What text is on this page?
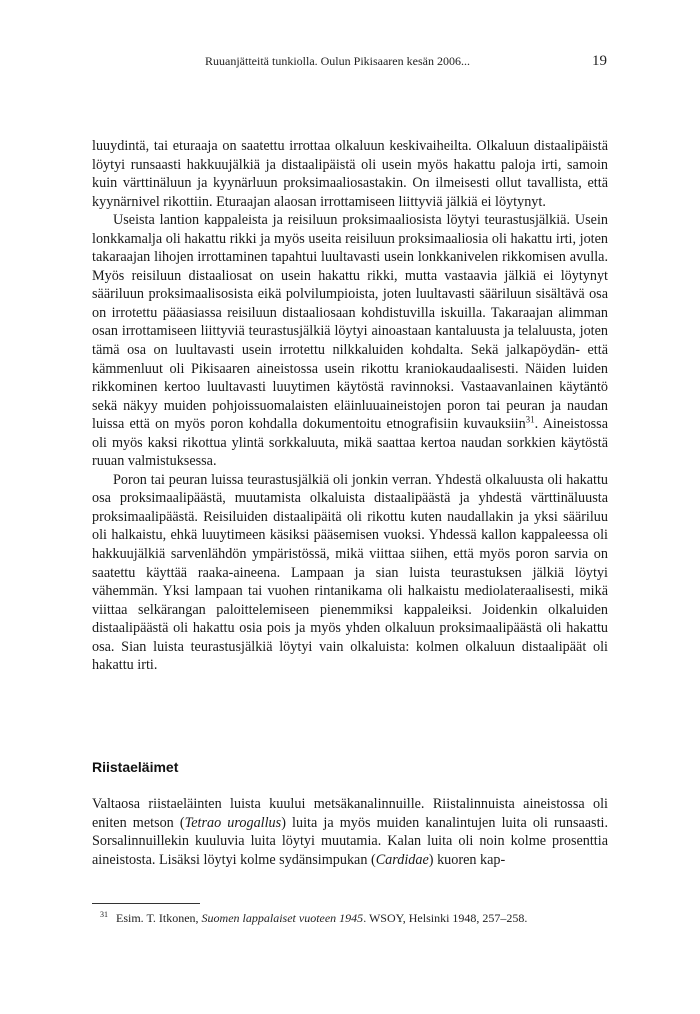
Ruuanjätteitä tunkiolla. Oulun Pikisaaren kesän 2006...	19

luuydintä, tai eturaaja on saatettu irrottaa olkaluun keskivaiheilta. Olkaluun distaalipäistä löytyi runsaasti hakkuujälkiä ja distaalipäistä oli usein myös hakattu paloja irti, samoin kuin värttinäluun ja kyynärluun proksimaaliosastakin. On ilmeisesti ollut tavallista, että kyynärnivel rikottiin. Eturaajan alaosan irrottamiseen liittyviä jälkiä ei löytynyt.

Useista lantion kappaleista ja reisiluun proksimaaliosista löytyi teurastusjälkiä. Usein lonkkamalja oli hakattu rikki ja myös useita reisiluun proksimaaliosia oli hakattu irti, joten takaraajan lihojen irrottaminen tapahtui luultavasti usein lonkkanivelen rikkomisen avulla. Myös reisiluun distaaliosat on usein hakattu rikki, mutta vastaavia jälkiä ei löytynyt sääriluun proksimaalisosista eikä polvilumpioista, joten luultavasti sääriluun sisältävä osa on irrotettu pääasiassa reisiluun distaaliosaan kohdistuvilla iskuilla. Takaraajan alimman osan irrottamiseen liittyviä teurastusjälkiä löytyi ainoastaan kantaluusta ja telaluusta, joten tämä osa on luultavasti usein irrotettu nilkkaluiden kohdalta. Sekä jalkapöydän- että kämmenluut oli Pikisaaren aineistossa usein rikottu kraniokaudaalisesti. Näiden luiden rikkominen kertoo luultavasti luuytimen käytöstä ravinnoksi. Vastaavanlainen käytäntö sekä näkyy muiden pohjoissuomalaisten eläinluuaineistojen poron tai peuran ja naudan luissa että on myös poron kohdalla dokumentoitu etnografisiin kuvauksiin$^{31}$. Aineistossa oli myös kaksi rikottua ylintä sorkkaluuta, mikä saattaa kertoa naudan sorkkien käytöstä ruuan valmistuksessa.

Poron tai peuran luissa teurastusjälkiä oli jonkin verran. Yhdestä olkaluusta oli hakattu osa proksimaalipäästä, muutamista olkaluista distaalipäästä ja yhdestä värttinäluusta proksimaalipäästä. Reisiluiden distaalipäitä oli rikottu kuten naudallakin ja yksi sääriluu oli halkaistu, ehkä luuytimeen käsiksi pääsemisen vuoksi. Yhdessä kallon kappaleessa oli hakkuujälkiä sarvenlähdön ympäristössä, mikä viittaa siihen, että myös poron sarvia on saatettu käyttää raaka-aineena. Lampaan ja sian luista teurastuksen jälkiä löytyi vähemmän. Yksi lampaan tai vuohen rintanikama oli halkaistu mediolateraalisesti, mikä viittaa selkärangan paloittelemiseen pienemmiksi kappaleiksi. Joidenkin olkaluiden distaalipäästä oli hakattu osia pois ja myös yhden olkaluun proksimaalipäästä oli hakattu osa. Sian luista teurastusjälkiä löytyi vain olkaluista: kolmen olkaluun distaalipäät oli hakattu irti.

Riistaeläimet

Valtaosa riistaeläinten luista kuului metsäkanalinnuille. Riistalinnuista aineistossa oli eniten metson (Tetrao urogallus) luita ja myös muiden kanalintujen luita oli runsaasti. Sorsalinnuillekin kuuluvia luita löytyi muutamia. Kalan luita oli noin kolme prosenttia aineistosta. Lisäksi löytyi kolme sydänsimpukan (Cardidae) kuoren kap-

$^{31}$ Esim. T. Itkonen, Suomen lappalaiset vuoteen 1945. WSOY, Helsinki 1948, 257–258.
